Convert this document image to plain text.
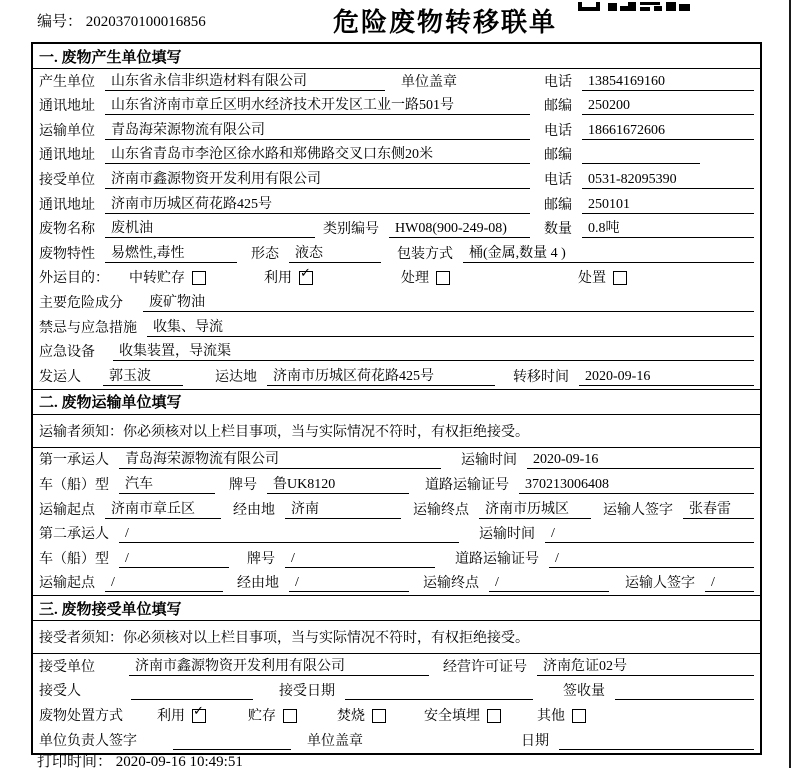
编号： 2020370100016856	危险废物转移联单
一. 废物产生单位填写
产生单位	山东省永信非织造材料有限公司	单位盖章	电话	13854169160
通讯地址	山东省济南市章丘区明水经济技术开发区工业一路501号	邮编	250200
运输单位	青岛海荣源物流有限公司	电话	18661672606
通讯地址	山东省青岛市李沧区徐水路和郑佛路交叉口东侧20米	邮编
接受单位	济南市鑫源物资开发利用有限公司	电话	0531-82095390
通讯地址	济南市历城区荷花路425号	邮编	250101
废物名称	废机油	类别编号	HW08(900-249-08)	数量	0.8吨
废物特性	易燃性,毒性	形态	液态	包装方式	桶(金属,数量 4 )
外运目的： 中转贮存	利用 ✓	处理	处置
主要危险成分	废矿物油
禁忌与应急措施	收集、导流
应急设备	收集装置，导流渠
发运人	郭玉波	运达地	济南市历城区荷花路425号	转移时间	2020-09-16
二. 废物运输单位填写
运输者须知：你必须核对以上栏目事项，当与实际情况不符时，有权拒绝接受。
第一承运人	青岛海荣源物流有限公司	运输时间	2020-09-16
车（船）型	汽车	牌号	鲁UK8120	道路运输证号	370213006408
运输起点	济南市章丘区	经由地	济南	运输终点	济南市历城区	运输人签字	张春雷
第二承运人	/	运输时间	/
车（船）型	/	牌号	/	道路运输证号	/
运输起点	/	经由地	/	运输终点	/	运输人签字	/
三. 废物接受单位填写
接受者须知：你必须核对以上栏目事项，当与实际情况不符时，有权拒绝接受。
接受单位	济南市鑫源物资开发利用有限公司	经营许可证号	济南危证02号
接受人	接受日期	签收量
废物处置方式 利用 ✓	贮存	焚烧	安全填埋	其他
单位负责人签字	单位盖章	日期
打印时间： 2020-09-16 10:49:51
